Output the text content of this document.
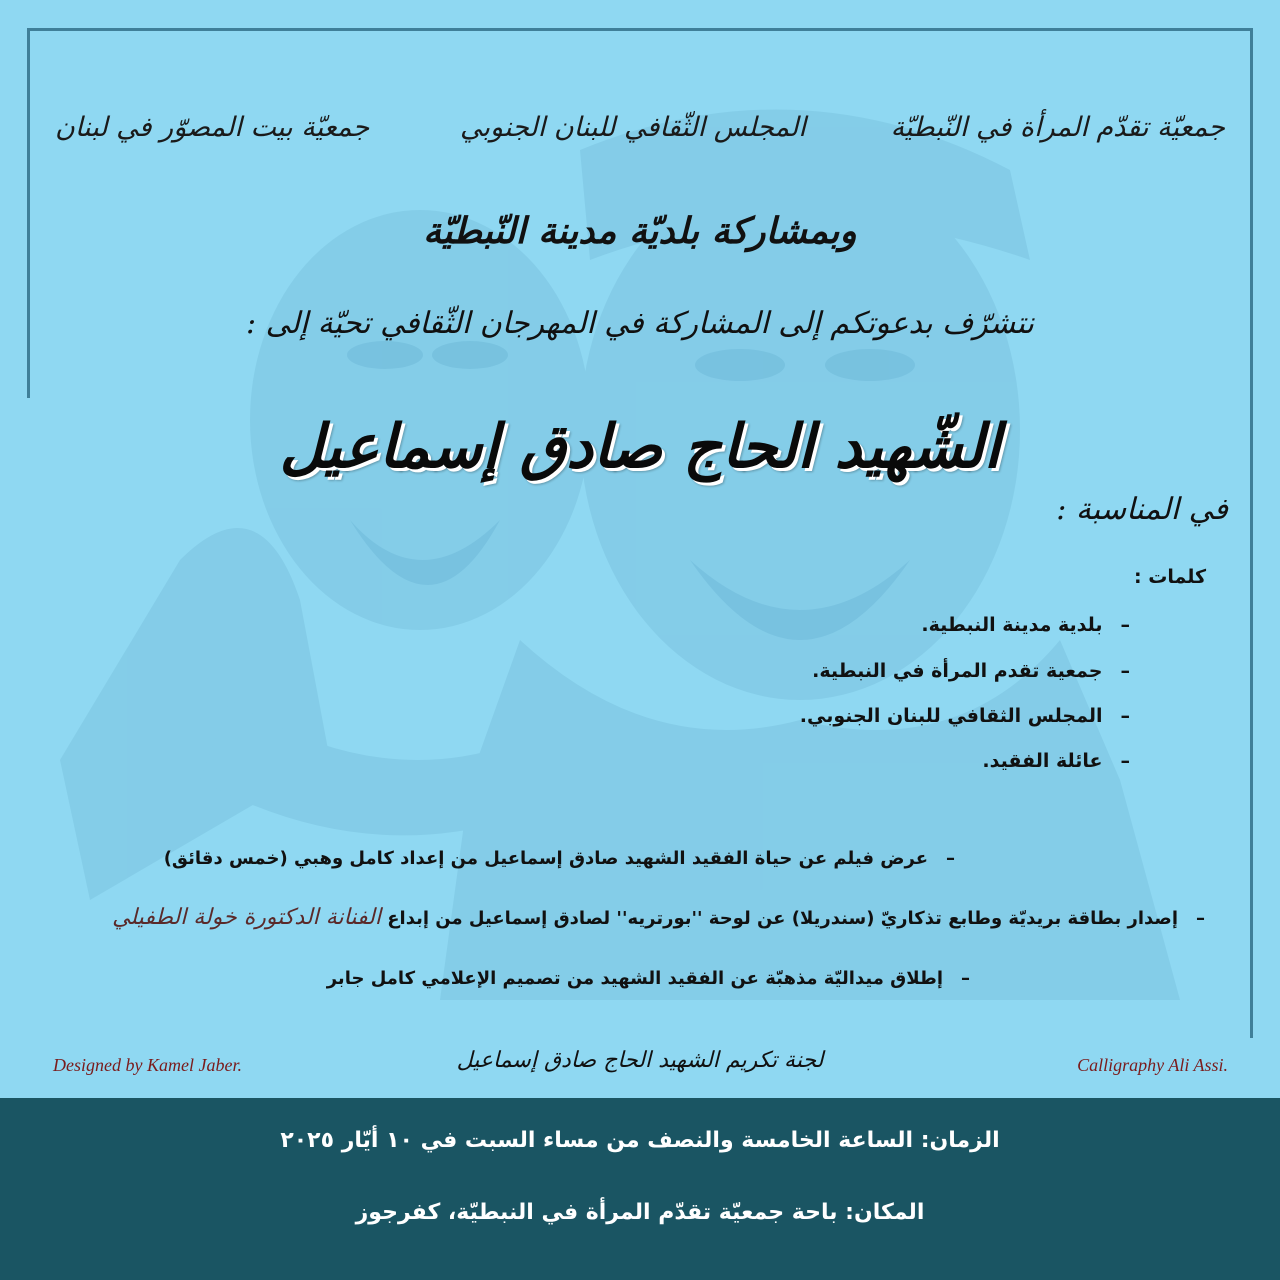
جمعيّة تقدّم المرأة في النّبطيّة
المجلس الثّقافي للبنان الجنوبي
جمعيّة بيت المصوّر في لبنان
وبمشاركة بلديّة مدينة النّبطيّة
نتشرّف بدعوتكم إلى المشاركة في المهرجان الثّقافي تحيّة إلى :
الشّهيد الحاج صادق إسماعيل
في المناسبة :
كلمات :
–بلدية مدينة النبطية.
–جمعية تقدم المرأة في النبطية.
–المجلس الثقافي للبنان الجنوبي.
–عائلة الفقيد.
–عرض فيلم عن حياة الفقيد الشهيد صادق إسماعيل من إعداد كامل وهبي (خمس دقائق)
–إصدار بطاقة بريديّة وطابع تذكاريّ (سندريلا) عن لوحة ''بورتريه'' لصادق إسماعيل من إبداع الفنانة الدكتورة خولة الطفيلي
–إطلاق ميداليّة مذهبّة عن الفقيد الشهيد من تصميم الإعلامي كامل جابر
Designed by Kamel Jaber.	Calligraphy Ali Assi.
لجنة تكريم الشهيد الحاج صادق إسماعيل
الزمان: الساعة الخامسة والنصف من مساء السبت في ١٠ أيّار ٢٠٢٥
المكان: باحة جمعيّة تقدّم المرأة في النبطيّة، كفرجوز
